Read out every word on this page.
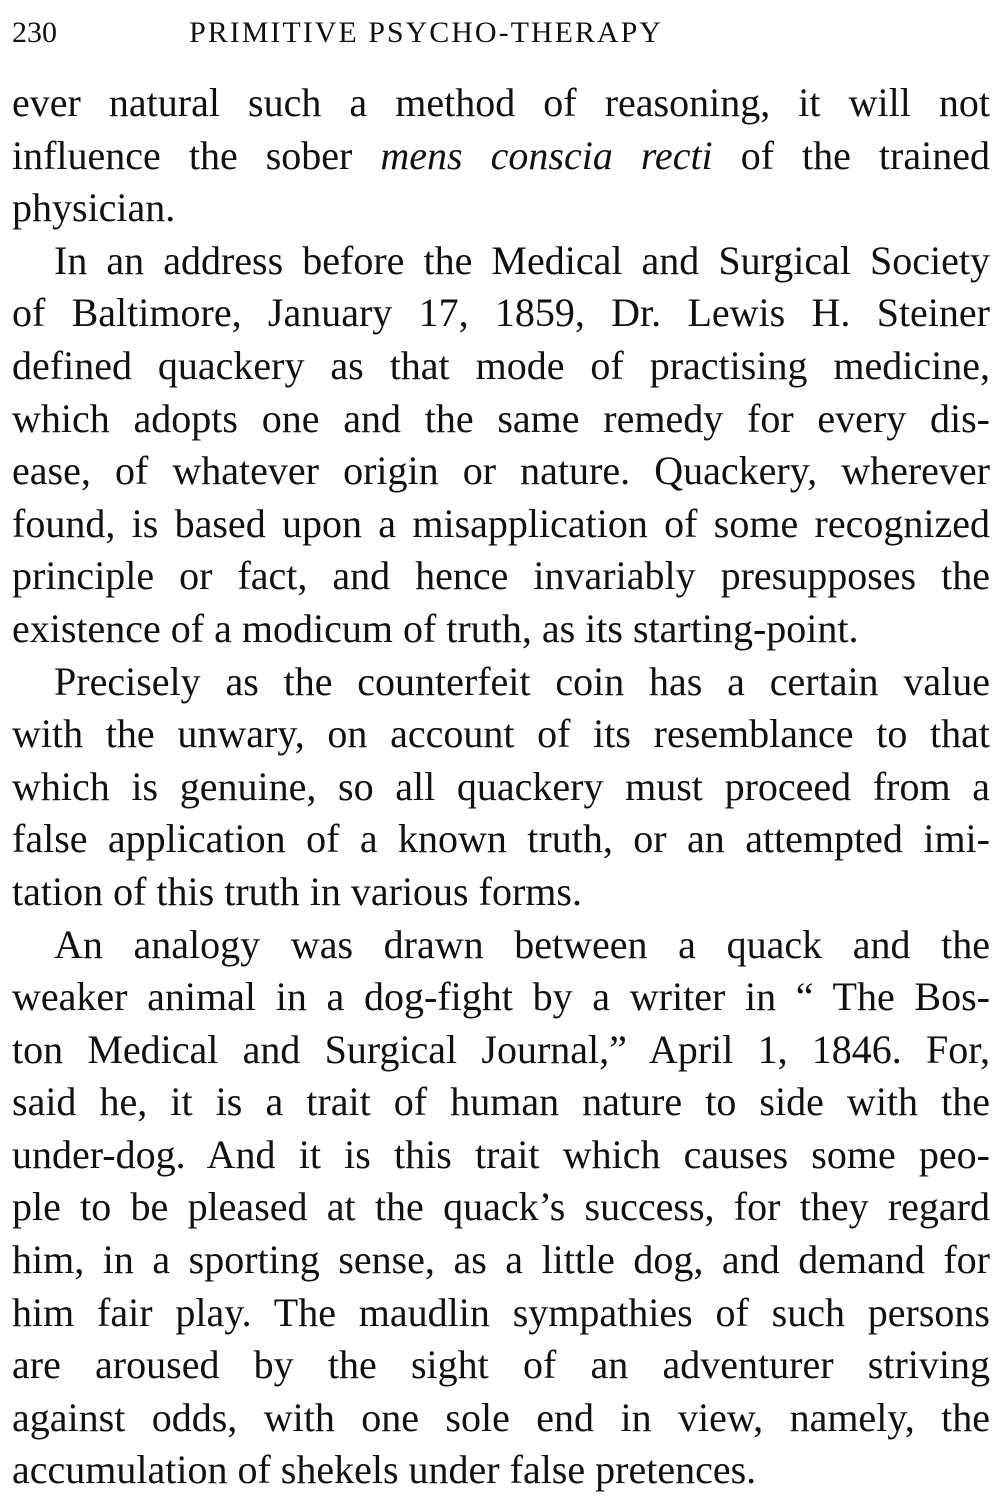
230	PRIMITIVE PSYCHO-THERAPY
ever natural such a method of reasoning, it will not
influence the sober mens conscia recti of the trained
physician.
In an address before the Medical and Surgical Society
of Baltimore, January 17, 1859, Dr. Lewis H. Steiner
defined quackery as that mode of practising medicine,
which adopts one and the same remedy for every dis-
ease, of whatever origin or nature. Quackery, wherever
found, is based upon a misapplication of some recognized
principle or fact, and hence invariably presupposes the
existence of a modicum of truth, as its starting-point.
Precisely as the counterfeit coin has a certain value
with the unwary, on account of its resemblance to that
which is genuine, so all quackery must proceed from a
false application of a known truth, or an attempted imi-
tation of this truth in various forms.
An analogy was drawn between a quack and the
weaker animal in a dog-fight by a writer in “ The Bos-
ton Medical and Surgical Journal,” April 1, 1846. For,
said he, it is a trait of human nature to side with the
under-dog. And it is this trait which causes some peo-
ple to be pleased at the quack’s success, for they regard
him, in a sporting sense, as a little dog, and demand for
him fair play. The maudlin sympathies of such persons
are aroused by the sight of an adventurer striving
against odds, with one sole end in view, namely, the
accumulation of shekels under false pretences.
